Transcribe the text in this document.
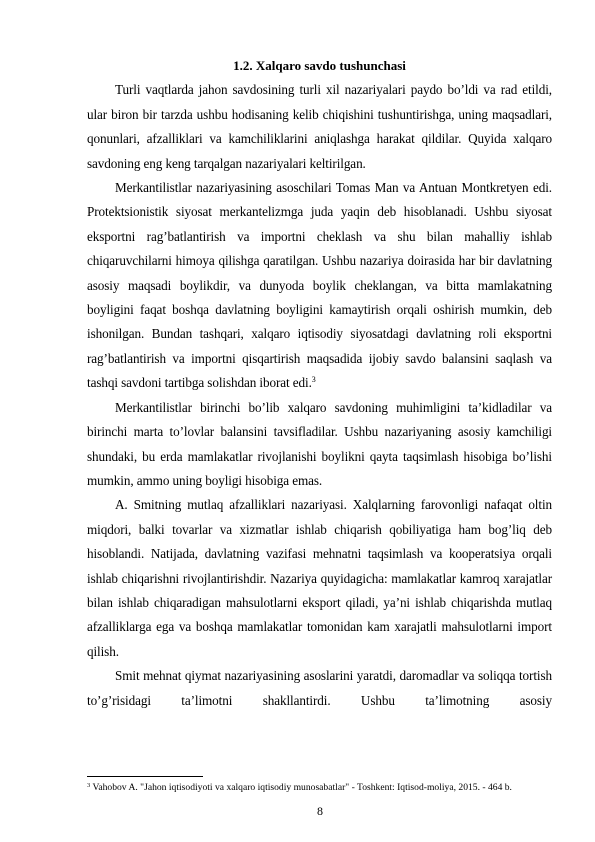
1.2. Xalqaro savdo tushunchasi

Turli vaqtlarda jahon savdosining turli xil nazariyalari paydo bo’ldi va rad etildi, ular biron bir tarzda ushbu hodisaning kelib chiqishini tushuntirishga, uning maqsadlari, qonunlari, afzalliklari va kamchiliklarini aniqlashga harakat qildilar. Quyida xalqaro savdoning eng keng tarqalgan nazariyalari keltirilgan.

Merkantilistlar nazariyasining asoschilari Tomas Man va Antuan Montkretyen edi. Protektsionistik siyosat merkantelizmga juda yaqin deb hisoblanadi. Ushbu siyosat eksportni rag’batlantirish va importni cheklash va shu bilan mahalliy ishlab chiqaruvchilarni himoya qilishga qaratilgan. Ushbu nazariya doirasida har bir davlatning asosiy maqsadi boylikdir, va dunyoda boylik cheklangan, va bitta mamlakatning boyligini faqat boshqa davlatning boyligini kamaytirish orqali oshirish mumkin, deb ishonilgan. Bundan tashqari, xalqaro iqtisodiy siyosatdagi davlatning roli eksportni rag’batlantirish va importni qisqartirish maqsadida ijobiy savdo balansini saqlash va tashqi savdoni tartibga solishdan iborat edi.$^3$

Merkantilistlar birinchi bo’lib xalqaro savdoning muhimligini ta’kidladilar va birinchi marta to’lovlar balansini tavsifladilar. Ushbu nazariyaning asosiy kamchiligi shundaki, bu erda mamlakatlar rivojlanishi boylikni qayta taqsimlash hisobiga bo’lishi mumkin, ammo uning boyligi hisobiga emas.

A. Smitning mutlaq afzalliklari nazariyasi. Xalqlarning farovonligi nafaqat oltin miqdori, balki tovarlar va xizmatlar ishlab chiqarish qobiliyatiga ham bog’liq deb hisoblandi. Natijada, davlatning vazifasi mehnatni taqsimlash va kooperatsiya orqali ishlab chiqarishni rivojlantirishdir. Nazariya quyidagicha: mamlakatlar kamroq xarajatlar bilan ishlab chiqaradigan mahsulotlarni eksport qiladi, ya’ni ishlab chiqarishda mutlaq afzalliklarga ega va boshqa mamlakatlar tomonidan kam xarajatli mahsulotlarni import qilish.

Smit mehnat qiymat nazariyasining asoslarini yaratdi, daromadlar va soliqqa tortish to’g’risidagi ta’limotni shakllantirdi. Ushbu ta’limotning asosiy

$^3$ Vahobov A. "Jahon iqtisodiyoti va xalqaro iqtisodiy munosabatlar" - Toshkent: Iqtisod-moliya, 2015. - 464 b.

8
